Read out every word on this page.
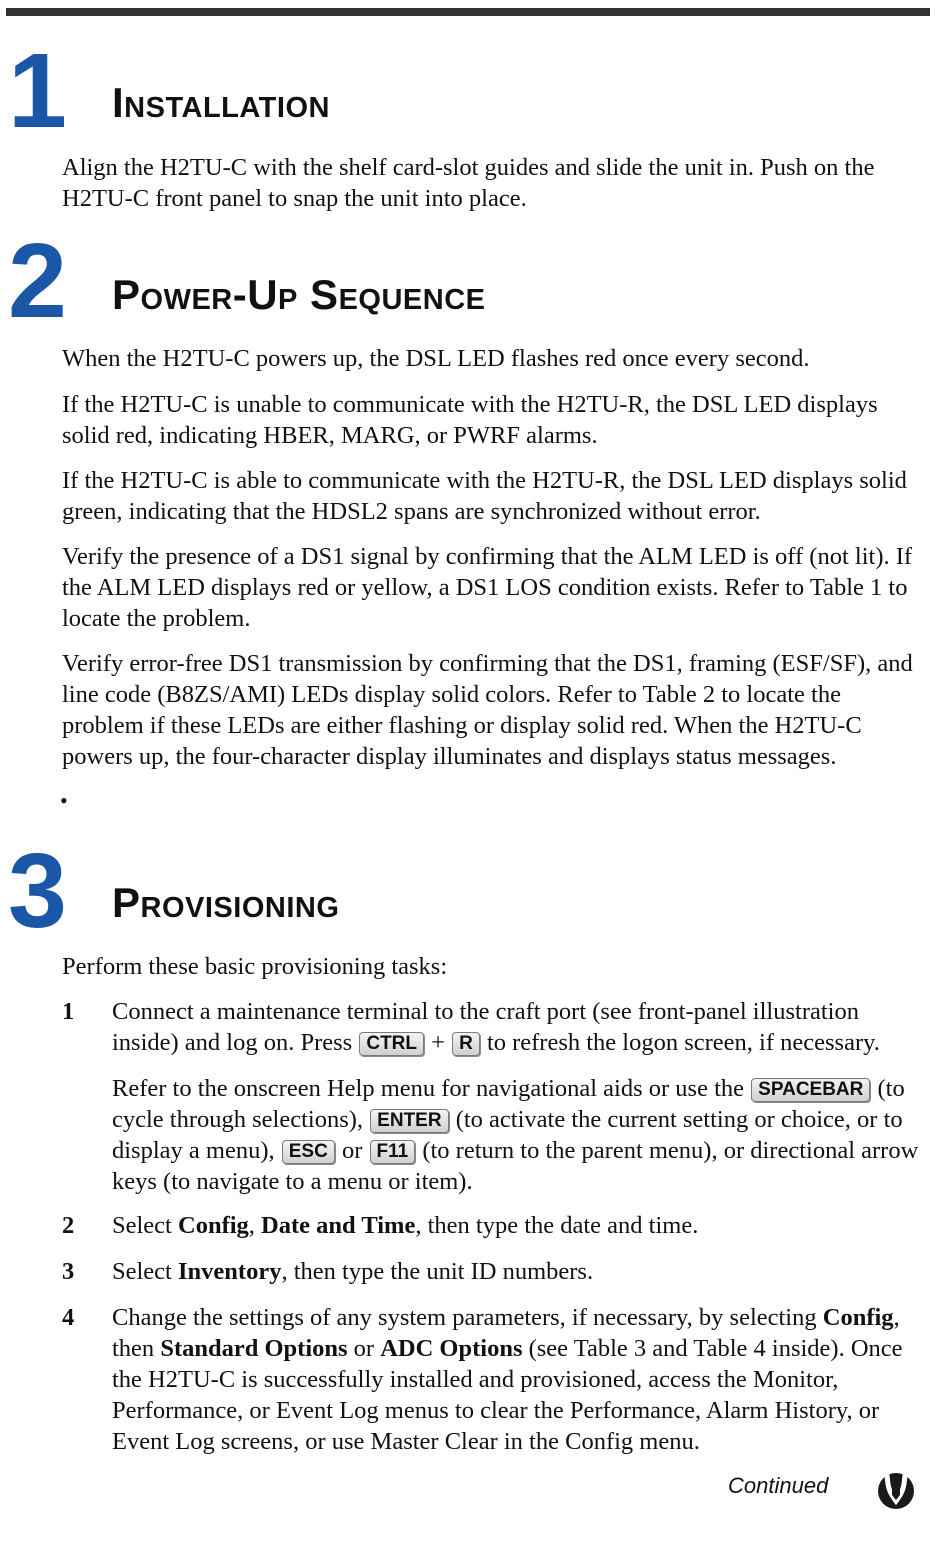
1 Installation

Align the H2TU-C with the shelf card-slot guides and slide the unit in. Push on the H2TU-C front panel to snap the unit into place.

2 Power-Up Sequence

When the H2TU-C powers up, the DSL LED flashes red once every second.

If the H2TU-C is unable to communicate with the H2TU-R, the DSL LED displays solid red, indicating HBER, MARG, or PWRF alarms.

If the H2TU-C is able to communicate with the H2TU-R, the DSL LED displays solid green, indicating that the HDSL2 spans are synchronized without error.

Verify the presence of a DS1 signal by confirming that the ALM LED is off (not lit). If the ALM LED displays red or yellow, a DS1 LOS condition exists. Refer to Table 1 to locate the problem.

Verify error-free DS1 transmission by confirming that the DS1, framing (ESF/SF), and line code (B8ZS/AMI) LEDs display solid colors. Refer to Table 2 to locate the problem if these LEDs are either flashing or display solid red. When the H2TU-C powers up, the four-character display illuminates and displays status messages.

•
3 Provisioning

Perform these basic provisioning tasks:

1 Connect a maintenance terminal to the craft port (see front-panel illustration inside) and log on. Press CTRL + R to refresh the logon screen, if necessary.

Refer to the onscreen Help menu for navigational aids or use the SPACEBAR (to cycle through selections), ENTER (to activate the current setting or choice, or to display a menu), ESC or F11 (to return to the parent menu), or directional arrow keys (to navigate to a menu or item).

2 Select Config, Date and Time, then type the date and time.

3 Select Inventory, then type the unit ID numbers.

4 Change the settings of any system parameters, if necessary, by selecting Config, then Standard Options or ADC Options (see Table 3 and Table 4 inside). Once the H2TU-C is successfully installed and provisioned, access the Monitor, Performance, or Event Log menus to clear the Performance, Alarm History, or Event Log screens, or use Master Clear in the Config menu.

Continued
